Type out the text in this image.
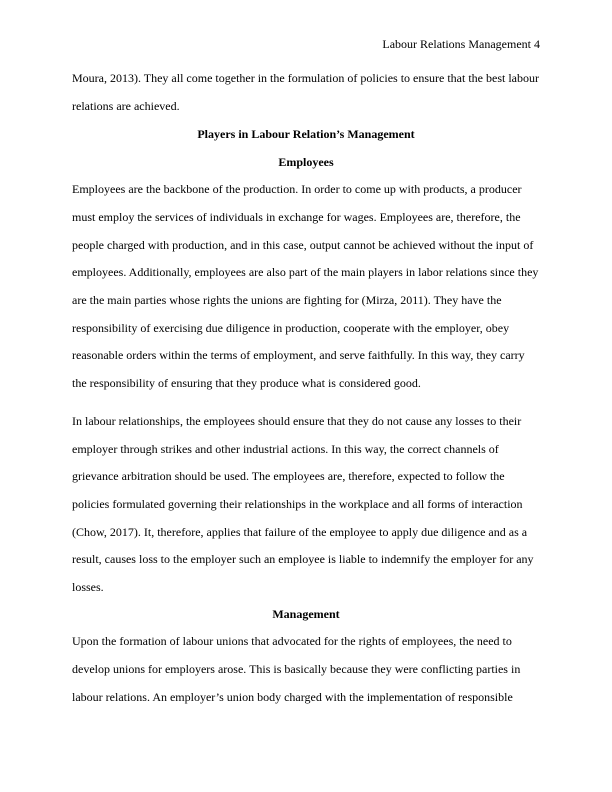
Labour Relations Management 4
Moura, 2013). They all come together in the formulation of policies to ensure that the best labour
relations are achieved.
Players in Labour Relation’s Management
Employees
Employees are the backbone of the production. In order to come up with products, a producer
must employ the services of individuals in exchange for wages. Employees are, therefore, the
people charged with production, and in this case, output cannot be achieved without the input of
employees. Additionally, employees are also part of the main players in labor relations since they
are the main parties whose rights the unions are fighting for (Mirza, 2011). They have the
responsibility of exercising due diligence in production, cooperate with the employer, obey
reasonable orders within the terms of employment, and serve faithfully. In this way, they carry
the responsibility of ensuring that they produce what is considered good.
In labour relationships, the employees should ensure that they do not cause any losses to their
employer through strikes and other industrial actions. In this way, the correct channels of
grievance arbitration should be used. The employees are, therefore, expected to follow the
policies formulated governing their relationships in the workplace and all forms of interaction
(Chow, 2017). It, therefore, applies that failure of the employee to apply due diligence and as a
result, causes loss to the employer such an employee is liable to indemnify the employer for any
losses.
Management
Upon the formation of labour unions that advocated for the rights of employees, the need to
develop unions for employers arose. This is basically because they were conflicting parties in
labour relations. An employer’s union body charged with the implementation of responsible
